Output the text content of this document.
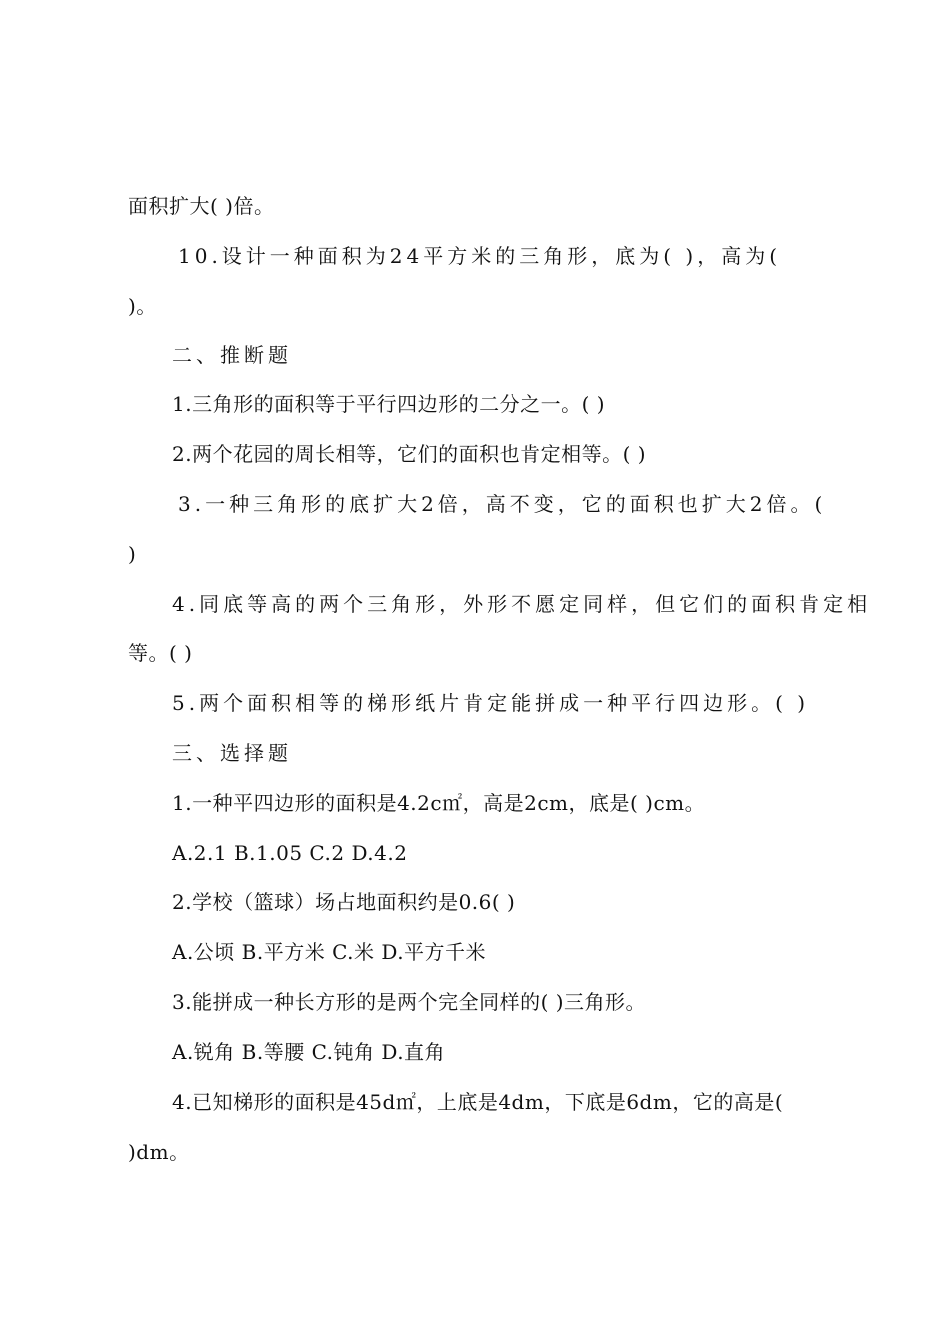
面积扩大( )倍。
10.设计一种面积为24平方米的三角形，底为( )，高为(
)。
二、推断题
1.三角形的面积等于平行四边形的二分之一。( )
2.两个花园的周长相等，它们的面积也肯定相等。( )
3.一种三角形的底扩大2倍，高不变，它的面积也扩大2倍。(
)
4.同底等高的两个三角形，外形不愿定同样，但它们的面积肯定相
等。( )
5.两个面积相等的梯形纸片肯定能拼成一种平行四边形。( )
三、选择题
1.一种平四边形的面积是4.2c㎡，高是2cm，底是( )cm。
A.2.1 B.1.05 C.2 D.4.2
2.学校（篮球）场占地面积约是0.6( )
A.公顷 B.平方米 C.米 D.平方千米
3.能拼成一种长方形的是两个完全同样的( )三角形。
A.锐角 B.等腰 C.钝角 D.直角
4.已知梯形的面积是45d㎡，上底是4dm，下底是6dm，它的高是(
)dm。
